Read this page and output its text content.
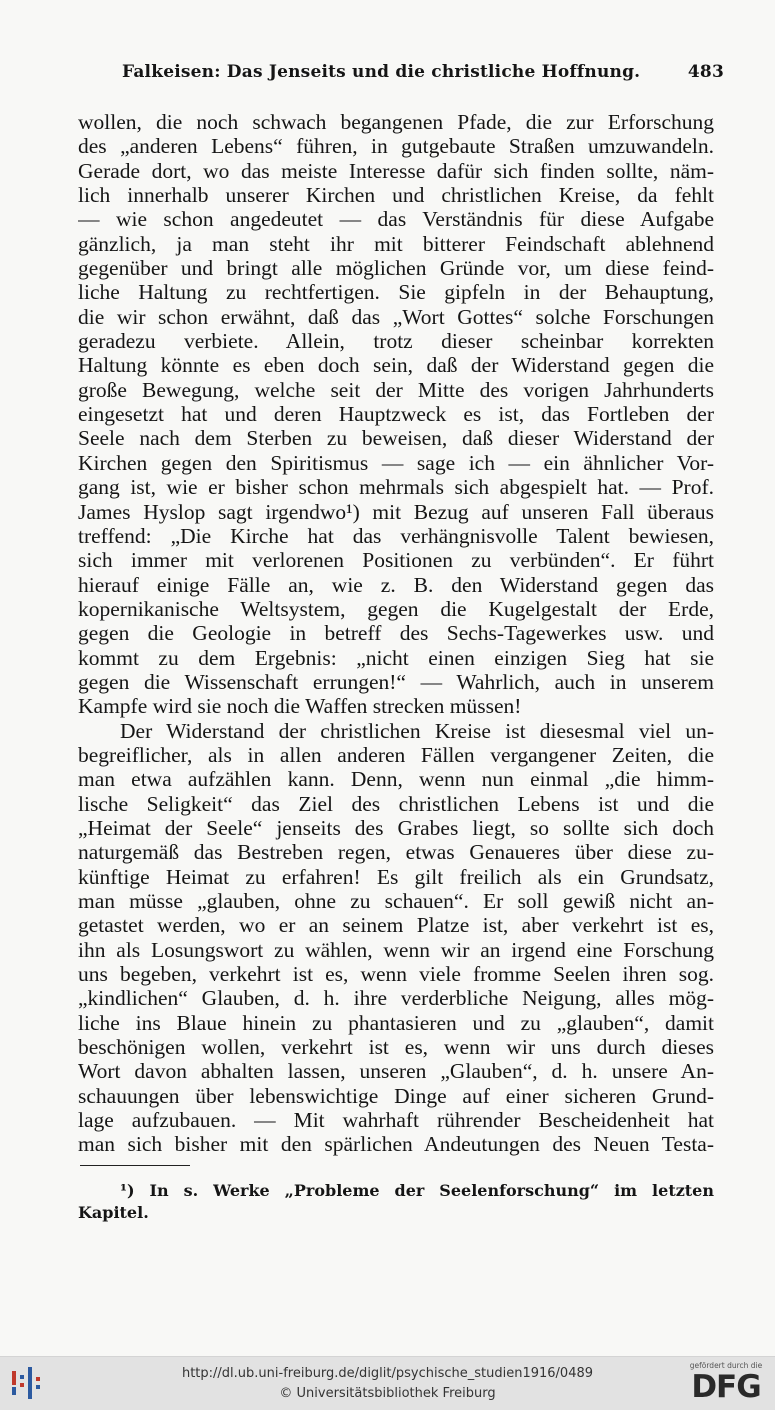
Falkeisen: Das Jenseits und die christliche Hoffnung.	483
wollen, die noch schwach begangenen Pfade, die zur Erforschung
des „anderen Lebens“ führen, in gutgebaute Straßen umzuwandeln.
Gerade dort, wo das meiste Interesse dafür sich finden sollte, näm-
lich innerhalb unserer Kirchen und christlichen Kreise, da fehlt
— wie schon angedeutet — das Verständnis für diese Aufgabe
gänzlich, ja man steht ihr mit bitterer Feindschaft ablehnend
gegenüber und bringt alle möglichen Gründe vor, um diese feind-
liche Haltung zu rechtfertigen. Sie gipfeln in der Behauptung,
die wir schon erwähnt, daß das „Wort Gottes“ solche Forschungen
geradezu verbiete. Allein, trotz dieser scheinbar korrekten
Haltung könnte es eben doch sein, daß der Widerstand gegen die
große Bewegung, welche seit der Mitte des vorigen Jahrhunderts
eingesetzt hat und deren Hauptzweck es ist, das Fortleben der
Seele nach dem Sterben zu beweisen, daß dieser Widerstand der
Kirchen gegen den Spiritismus — sage ich — ein ähnlicher Vor-
gang ist, wie er bisher schon mehrmals sich abgespielt hat. — Prof.
James Hyslop sagt irgendwo¹) mit Bezug auf unseren Fall überaus
treffend: „Die Kirche hat das verhängnisvolle Talent bewiesen,
sich immer mit verlorenen Positionen zu verbünden“. Er führt
hierauf einige Fälle an, wie z. B. den Widerstand gegen das
kopernikanische Weltsystem, gegen die Kugelgestalt der Erde,
gegen die Geologie in betreff des Sechs-Tagewerkes usw. und
kommt zu dem Ergebnis: „nicht einen einzigen Sieg hat sie
gegen die Wissenschaft errungen!“ — Wahrlich, auch in unserem
Kampfe wird sie noch die Waffen strecken müssen!
Der Widerstand der christlichen Kreise ist diesesmal viel un-
begreiflicher, als in allen anderen Fällen vergangener Zeiten, die
man etwa aufzählen kann. Denn, wenn nun einmal „die himm-
lische Seligkeit“ das Ziel des christlichen Lebens ist und die
„Heimat der Seele“ jenseits des Grabes liegt, so sollte sich doch
naturgemäß das Bestreben regen, etwas Genaueres über diese zu-
künftige Heimat zu erfahren! Es gilt freilich als ein Grundsatz,
man müsse „glauben, ohne zu schauen“. Er soll gewiß nicht an-
getastet werden, wo er an seinem Platze ist, aber verkehrt ist es,
ihn als Losungswort zu wählen, wenn wir an irgend eine Forschung
uns begeben, verkehrt ist es, wenn viele fromme Seelen ihren sog.
„kindlichen“ Glauben, d. h. ihre verderbliche Neigung, alles mög-
liche ins Blaue hinein zu phantasieren und zu „glauben“, damit
beschönigen wollen, verkehrt ist es, wenn wir uns durch dieses
Wort davon abhalten lassen, unseren „Glauben“, d. h. unsere An-
schauungen über lebenswichtige Dinge auf einer sicheren Grund-
lage aufzubauen. — Mit wahrhaft rührender Bescheidenheit hat
man sich bisher mit den spärlichen Andeutungen des Neuen Testa-
¹) In s. Werke „Probleme der Seelenforschung“ im letzten
Kapitel.
http://dl.ub.uni-freiburg.de/diglit/psychische_studien1916/0489
© Universitätsbibliothek Freiburg
gefördert durch die
DFG
